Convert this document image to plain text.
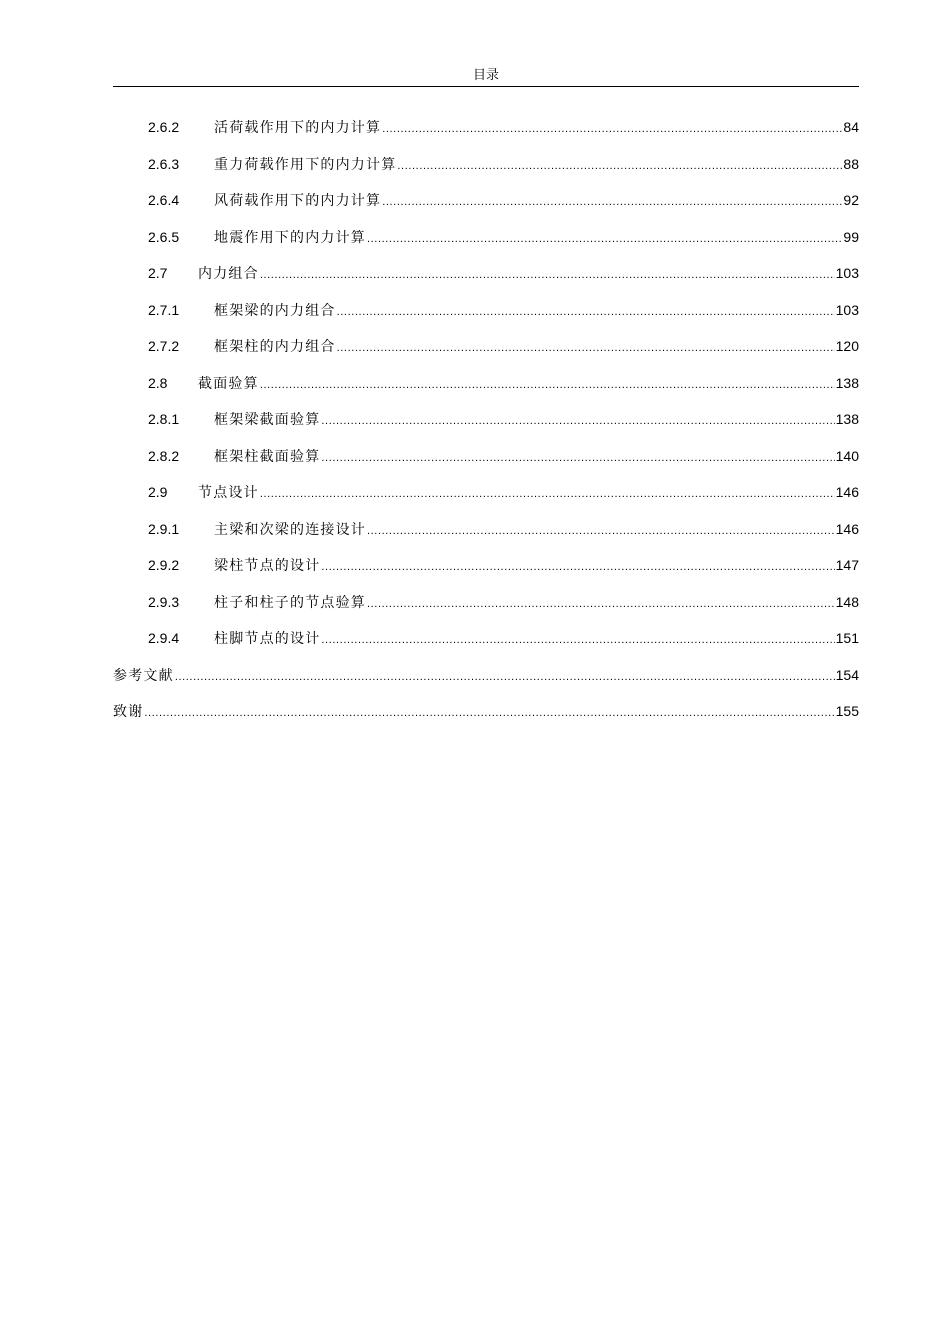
目录
2.6.2	活荷载作用下的内力计算 .....	84
2.6.3	重力荷载作用下的内力计算 .....	88
2.6.4	风荷载作用下的内力计算 .....	92
2.6.5	地震作用下的内力计算 .....	99
2.7	内力组合 .....	103
2.7.1	框架梁的内力组合 .....	103
2.7.2	框架柱的内力组合 .....	120
2.8	截面验算 .....	138
2.8.1	框架梁截面验算 .....	138
2.8.2	框架柱截面验算 .....	140
2.9	节点设计 .....	146
2.9.1	主梁和次梁的连接设计 .....	146
2.9.2	梁柱节点的设计 .....	147
2.9.3	柱子和柱子的节点验算 .....	148
2.9.4	柱脚节点的设计 .....	151
参考文献 .....	154
致谢 .....	155
